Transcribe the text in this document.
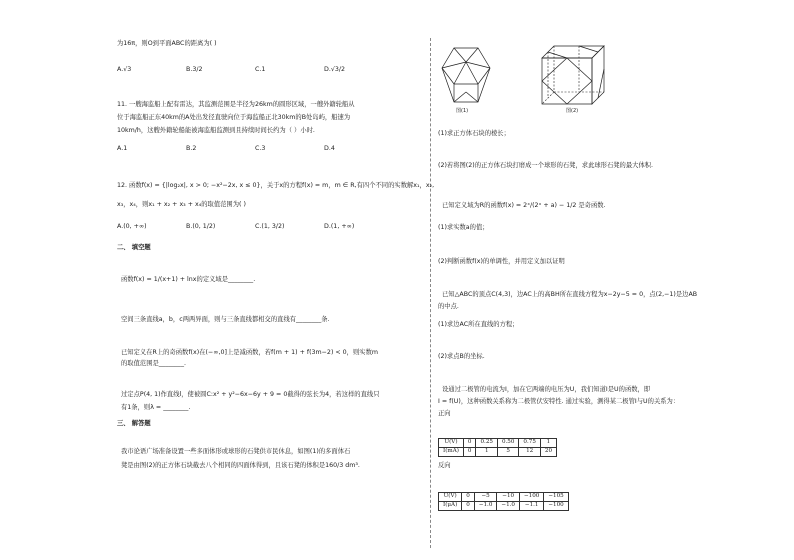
为16π，则O到平面ABC的距离为( )
A.√3	B.3/2	C.1	D.√3/2
11. 一艘海监船上配有雷达，其监测范围是半径为26km的圆形区域，一艘外籍轮船从
位于海监船正东40km的A处出发径直驶向位于海监船正北30km的B处岛屿，船速为
10km/h，这艘外籍轮船能被海监船监测到且持续时间长约为（ ）小时.
A.1	B.2	C.3	D.4
12. 函数f(x) = {|log₂x|, x > 0; −x²−2x, x ≤ 0}，关于x的方程f(x) = m，m ∈ R,有四个不同的实数解x₁，x₂,
x₃，x₄，则x₁ + x₂ + x₃ + x₄的取值范围为( )
A.(0, +∞)	B.(0, 1/2)	C.(1, 3/2)	D.(1, +∞)
二、 填空题
函数f(x) = 1/(x+1) + lnx的定义域是________.
空间三条直线a，b，c两两异面，则与三条直线都相交的直线有________条.
已知定义在R上的奇函数f(x)在(−∞,0]上是减函数，若f(m + 1) + f(3m−2) < 0，则实数m
的取值范围是________.
过定点P(4, 1)作直线l，使被圆C:x² + y²−6x−6y + 9 = 0截得的弦长为4，若这样的直线只
有1条，则λ = ________.
三、 解答题
我市论语广场准备设置一些多面体形或球形的石凳供市民休息，如图(1)的多面体石
凳是由图(2)的正方体石块截去八个相同的四面体得到，且该石凳的体积是160/3 dm³.
图(1)	图(2)
(1)求正方体石块的棱长；
(2)若将图(2)的正方体石块打磨成一个球形的石凳，求此球形石凳的最大体积.
已知定义域为R的函数f(x) = 2ˣ/(2ˣ + a) − 1/2 是奇函数.
(1)求实数a的值；
(2)判断函数f(x)的单调性，并用定义加以证明
已知△ABC的顶点C(4,3)，边AC上的高BH所在直线方程为x−2y−5 = 0，点(2,−1)是边AB
的中点.
(1)求边AC所在直线的方程；
(2)求点B的坐标.
设通过二极管的电流为I，加在它两端的电压为U，我们知道I是U的函数，即
I = f(U)，这种函数关系称为二极管伏安特性. 通过实验，测得某二极管I与U的关系为：
正向
U(V)	0	0.25	0.50	0.75	1
I(mA)	0	1	5	12	20
反向
U(V)	0	−5	−10	−100	−105
I(μA)	0	−1.0	−1.0	−1.1	−100
